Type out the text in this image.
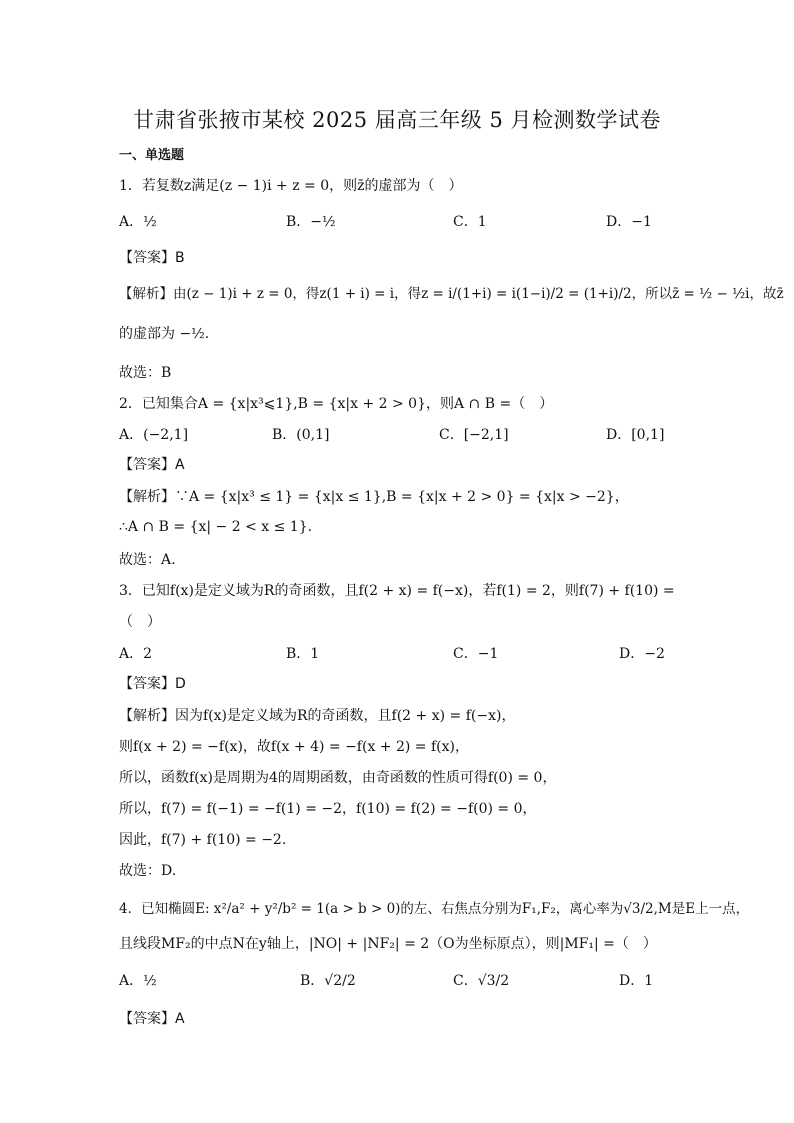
甘肃省张掖市某校 2025 届高三年级 5 月检测数学试卷
一、单选题
1．若复数z满足(z − 1)i + z = 0，则z̄的虚部为（　）
A．½	B．−½	C．1	D．−1
【答案】B
【解析】由(z − 1)i + z = 0，得z(1 + i) = i，得z = i/(1+i) = i(1−i)/2 = (1+i)/2，所以z̄ = ½ − ½i，故z̄
的虚部为 −½.
故选：B
2．已知集合A = {x|x³⩽1},B = {x|x + 2 > 0}，则A ∩ B =（　）
A．(−2,1]	B．(0,1]	C．[−2,1]	D．[0,1]
【答案】A
【解析】∵A = {x|x³ ≤ 1} = {x|x ≤ 1},B = {x|x + 2 > 0} = {x|x > −2}，
∴A ∩ B = {x| − 2 < x ≤ 1}.
故选：A.
3．已知f(x)是定义域为R的奇函数，且f(2 + x) = f(−x)，若f(1) = 2，则f(7) + f(10) =
（　）
A．2	B．1	C．−1	D．−2
【答案】D
【解析】因为f(x)是定义域为R的奇函数，且f(2 + x) = f(−x)，
则f(x + 2) = −f(x)，故f(x + 4) = −f(x + 2) = f(x)，
所以，函数f(x)是周期为4的周期函数，由奇函数的性质可得f(0) = 0，
所以，f(7) = f(−1) = −f(1) = −2，f(10) = f(2) = −f(0) = 0，
因此，f(7) + f(10) = −2.
故选：D.
4．已知椭圆E: x²/a² + y²/b² = 1(a > b > 0)的左、右焦点分别为F₁,F₂，离心率为√3/2,M是E上一点，
且线段MF₂的中点N在y轴上，|NO| + |NF₂| = 2（O为坐标原点），则|MF₁| =（　）
A．½	B．√2/2	C．√3/2	D．1
【答案】A
